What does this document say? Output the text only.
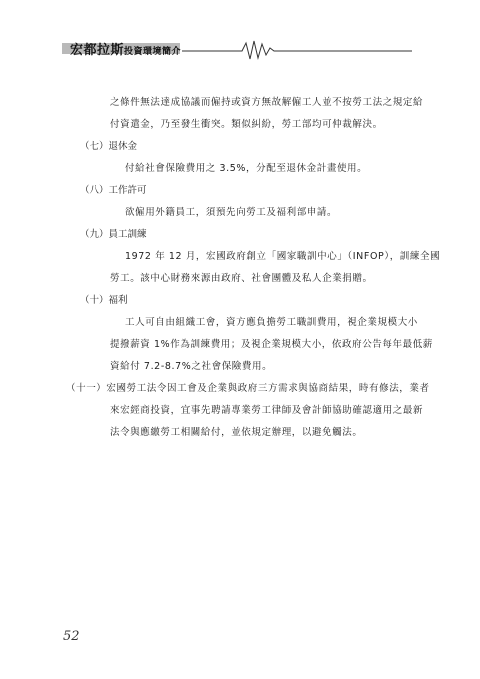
宏都拉斯投資環境簡介
之條件無法達成協議而僱持或資方無故解僱工人並不按勞工法之規定給
付資遣金，乃至發生衝突。類似糾紛，勞工部均可仲裁解決。
（七）退休金
付給社會保險費用之 3.5%，分配至退休金計畫使用。
（八）工作許可
欲僱用外籍員工，須預先向勞工及福利部申請。
（九）員工訓練
1972 年 12 月，宏國政府創立「國家職訓中心」（INFOP），訓練全國
勞工。該中心財務來源由政府、社會團體及私人企業捐贈。
（十）福利
工人可自由組織工會，資方應負擔勞工職訓費用，視企業規模大小
提撥薪資 1%作為訓練費用；及視企業規模大小，依政府公告每年最低薪
資給付 7.2-8.7%之社會保險費用。
（十一）宏國勞工法令因工會及企業與政府三方需求與協商結果，時有修法，業者
來宏經商投資，宜事先聘請專業勞工律師及會計師協助確認適用之最新
法令與應繳勞工相關給付，並依規定辦理，以避免觸法。
52
